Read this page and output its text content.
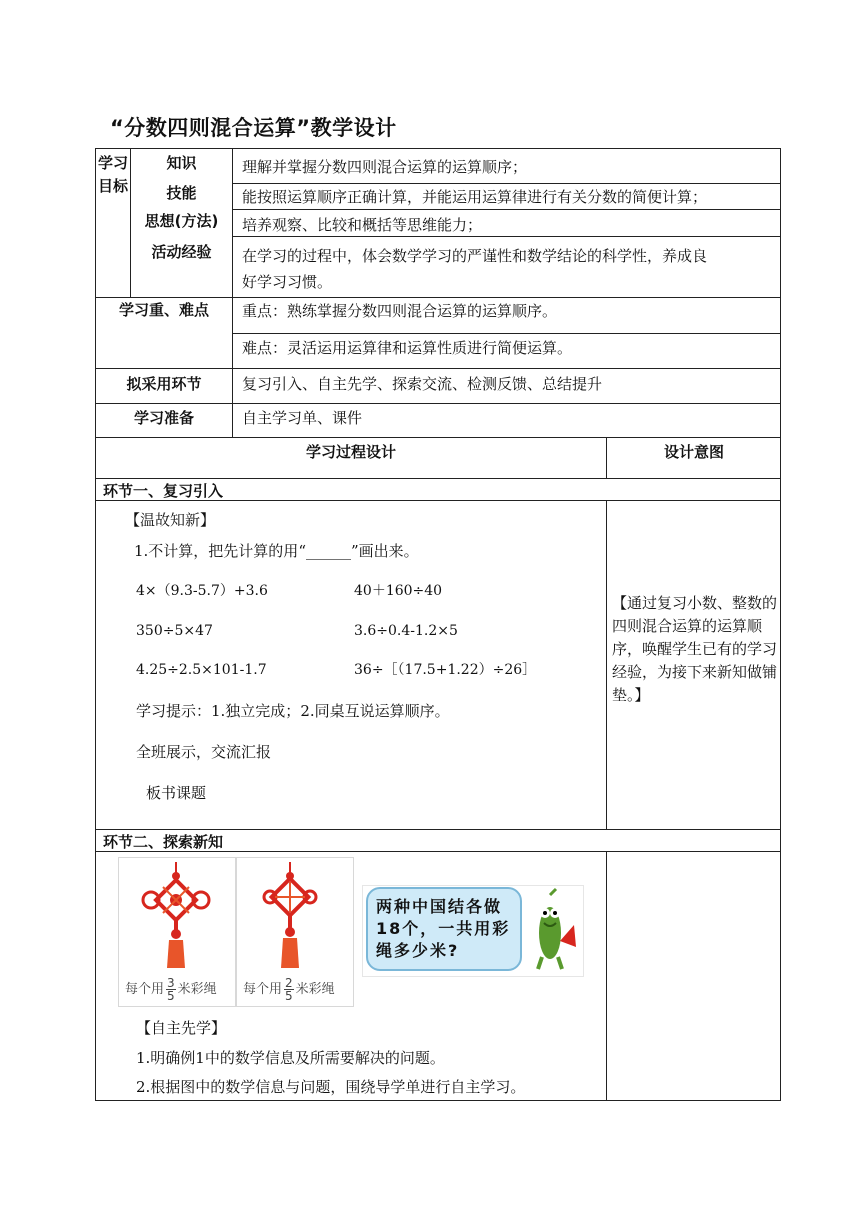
“分数四则混合运算”教学设计
学习目标
知识	理解并掌握分数四则混合运算的运算顺序；
技能	能按照运算顺序正确计算，并能运用运算律进行有关分数的简便计算；
思想(方法)	培养观察、比较和概括等思维能力；
活动经验	在学习的过程中，体会数学学习的严谨性和数学结论的科学性，养成良
好学习习惯。
学习重、难点	重点：熟练掌握分数四则混合运算的运算顺序。
难点：灵活运用运算律和运算性质进行简便运算。
拟采用环节	复习引入、自主先学、探索交流、检测反馈、总结提升
学习准备	自主学习单、课件
学习过程设计	设计意图
环节一、复习引入
【温故知新】
1.不计算，把先计算的用“______”画出来。
4×（9.3-5.7）+3.6	40＋160÷40
350÷5×47	3.6÷0.4-1.2×5
4.25÷2.5×101-1.7	36÷［（17.5+1.22）÷26］
学习提示：1.独立完成；2.同桌互说运算顺序。
全班展示，交流汇报
板书课题
【通过复习小数、整数的四则混合运算的运算顺序，唤醒学生已有的学习经验，为接下来新知做铺垫。】
环节二、探索新知
每个用 $\frac{3}{5}$ 米彩绳	每个用 $\frac{2}{5}$ 米彩绳
两种中国结各做18个，一共用彩绳多少米?
【自主先学】
1.明确例1中的数学信息及所需要解决的问题。
2.根据图中的数学信息与问题，围绕导学单进行自主学习。
